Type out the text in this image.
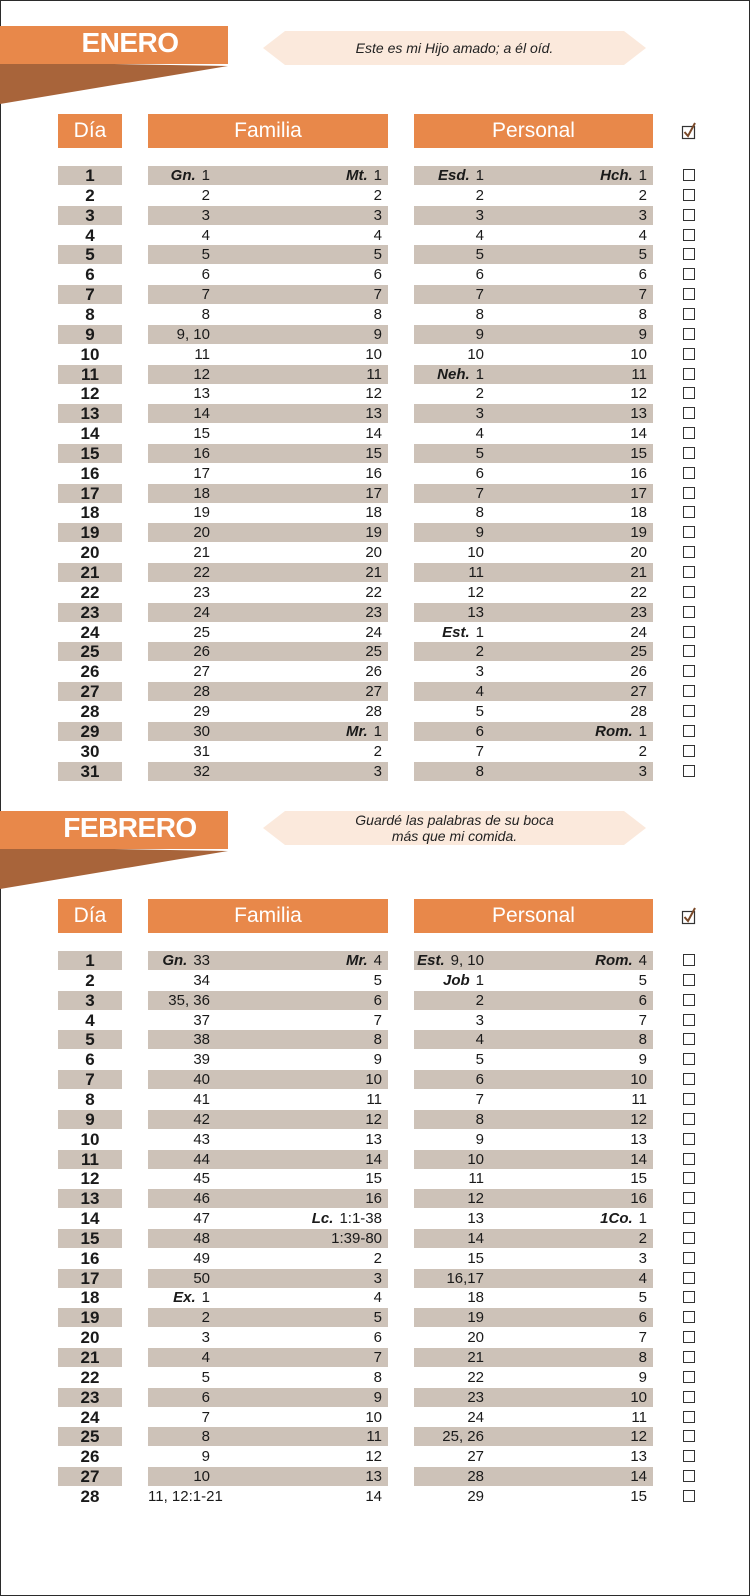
ENERO	Este es mi Hijo amado; a él oíd.
Día	Familia	Personal
1	Gn. 1	Mt. 1	Esd. 1	Hch. 1
2	2	2	2	2
3	3	3	3	3
4	4	4	4	4
5	5	5	5	5
6	6	6	6	6
7	7	7	7	7
8	8	8	8	8
9	9, 10	9	9	9
10	11	10	10	10
11	12	11	Neh. 1	11
12	13	12	2	12
13	14	13	3	13
14	15	14	4	14
15	16	15	5	15
16	17	16	6	16
17	18	17	7	17
18	19	18	8	18
19	20	19	9	19
20	21	20	10	20
21	22	21	11	21
22	23	22	12	22
23	24	23	13	23
24	25	24	Est. 1	24
25	26	25	2	25
26	27	26	3	26
27	28	27	4	27
28	29	28	5	28
29	30	Mr. 1	6	Rom. 1
30	31	2	7	2
31	32	3	8	3
FEBRERO	Guardé las palabras de su boca
más que mi comida.
Día	Familia	Personal
1	Gn. 33	Mr. 4	Est. 9, 10	Rom. 4
2	34	5	Job 1	5
3	35, 36	6	2	6
4	37	7	3	7
5	38	8	4	8
6	39	9	5	9
7	40	10	6	10
8	41	11	7	11
9	42	12	8	12
10	43	13	9	13
11	44	14	10	14
12	45	15	11	15
13	46	16	12	16
14	47	Lc. 1:1-38	13	1Co. 1
15	48	1:39-80	14	2
16	49	2	15	3
17	50	3	16,17	4
18	Ex. 1	4	18	5
19	2	5	19	6
20	3	6	20	7
21	4	7	21	8
22	5	8	22	9
23	6	9	23	10
24	7	10	24	11
25	8	11	25, 26	12
26	9	12	27	13
27	10	13	28	14
28	11, 12:1-21	14	29	15
